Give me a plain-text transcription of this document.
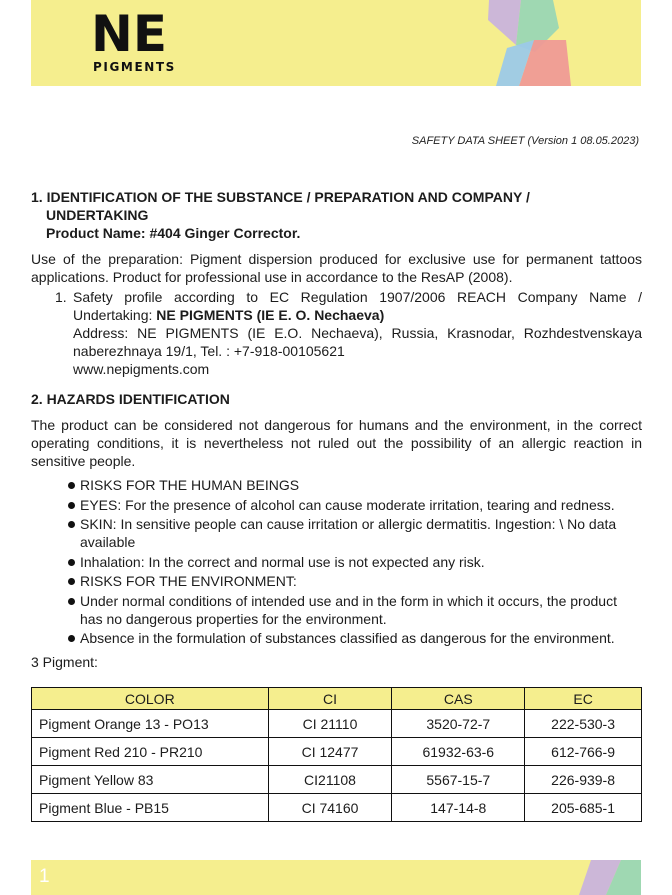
NE
PIGMENTS
SAFETY DATA SHEET (Version 1 08.05.2023)
1. IDENTIFICATION OF THE SUBSTANCE / PREPARATION AND COMPANY /
UNDERTAKING
Product Name: #404 Ginger Corrector.

Use of the preparation: Pigment dispersion produced for exclusive use for permanent tattoos applications. Product for professional use in accordance to the ResAP (2008).

1. Safety profile according to EC Regulation 1907/2006 REACH Company Name / Undertaking: NE PIGMENTS (IE E. O. Nechaeva)
Address: NE PIGMENTS (IE E.O. Nechaeva), Russia, Krasnodar, Rozhdestvenskaya naberezhnaya 19/1, Tel. : +7-918-00105621
www.nepigments.com
2. HAZARDS IDENTIFICATION

The product can be considered not dangerous for humans and the environment, in the correct operating conditions, it is nevertheless not ruled out the possibility of an allergic reaction in sensitive people.

RISKS FOR THE HUMAN BEINGS
EYES: For the presence of alcohol can cause moderate irritation, tearing and redness.
SKIN: In sensitive people can cause irritation or allergic dermatitis. Ingestion: \ No data available
Inhalation: In the correct and normal use is not expected any risk.
RISKS FOR THE ENVIRONMENT:
Under normal conditions of intended use and in the form in which it occurs, the product has no dangerous properties for the environment.
Absence in the formulation of substances classified as dangerous for the environment.
3 Pigment:
COLOR	CI	CAS	EC
Pigment Orange 13 - PO13	CI 21110	3520-72-7	222-530-3
Pigment Red 210 - PR210	CI 12477	61932-63-6	612-766-9
Pigment Yellow 83	CI21108	5567-15-7	226-939-8
Pigment Blue - PB15	CI 74160	147-14-8	205-685-1
1
